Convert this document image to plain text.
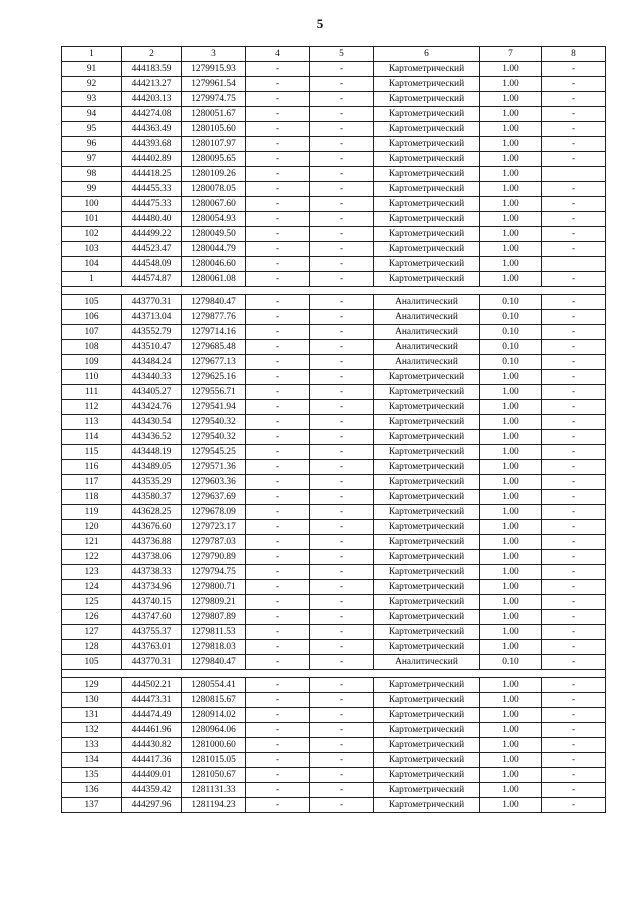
5
1	2	3	4	5	6	7	8
91	444183.59	1279915.93	-	-	Картометрический	1.00	-
92	444213.27	1279961.54	-	-	Картометрический	1.00	-
93	444203.13	1279974.75	-	-	Картометрический	1.00	-
94	444274.08	1280051.67	-	-	Картометрический	1.00	-
95	444363.49	1280105.60	-	-	Картометрический	1.00	-
96	444393.68	1280107.97	-	-	Картометрический	1.00	-
97	444402.89	1280095.65	-	-	Картометрический	1.00	-
98	444418.25	1280109.26	-	-	Картометрический	1.00	
99	444455.33	1280078.05	-	-	Картометрический	1.00	-
100	444475.33	1280067.60	-	-	Картометрический	1.00	-
101	444480.40	1280054.93	-	-	Картометрический	1.00	-
102	444499.22	1280049.50	-	-	Картометрический	1.00	-
103	444523.47	1280044.79	-	-	Картометрический	1.00	-
104	444548.09	1280046.60	-	-	Картометрический	1.00	
1	444574.87	1280061.08	-	-	Картометрический	1.00	-

105	443770.31	1279840.47	-	-	Аналитический	0.10	-
106	443713.04	1279877.76	-	-	Аналитический	0.10	-
107	443552.79	1279714.16	-	-	Аналитический	0.10	-
108	443510.47	1279685.48	-	-	Аналитический	0.10	-
109	443484.24	1279677.13	-	-	Аналитический	0.10	-
110	443440.33	1279625.16	-	-	Картометрический	1.00	-
111	443405.27	1279556.71	-	-	Картометрический	1.00	-
112	443424.76	1279541.94	-	-	Картометрический	1.00	-
113	443430.54	1279540.32	-	-	Картометрический	1.00	-
114	443436.52	1279540.32	-	-	Картометрический	1.00	-
115	443448.19	1279545.25	-	-	Картометрический	1.00	-
116	443489.05	1279571.36	-	-	Картометрический	1.00	-
117	443535.29	1279603.36	-	-	Картометрический	1.00	-
118	443580.37	1279637.69	-	-	Картометрический	1.00	-
119	443628.25	1279678.09	-	-	Картометрический	1.00	-
120	443676.60	1279723.17	-	-	Картометрический	1.00	-
121	443736.88	1279787.03	-	-	Картометрический	1.00	-
122	443738.06	1279790.89	-	-	Картометрический	1.00	-
123	443738.33	1279794.75	-	-	Картометрический	1.00	-
124	443734.96	1279800.71	-	-	Картометрический	1.00	-
125	443740.15	1279809.21	-	-	Картометрический	1.00	-
126	443747.60	1279807.89	-	-	Картометрический	1.00	-
127	443755.37	1279811.53	-	-	Картометрический	1.00	-
128	443763.01	1279818.03	-	-	Картометрический	1.00	-
105	443770.31	1279840.47	-	-	Аналитический	0.10	-

129	444502.21	1280554.41	-	-	Картометрический	1.00	-
130	444473.31	1280815.67	-	-	Картометрический	1.00	-
131	444474.49	1280914.02	-	-	Картометрический	1.00	-
132	444461.96	1280964.06	-	-	Картометрический	1.00	-
133	444430.82	1281000.60	-	-	Картометрический	1.00	-
134	444417.36	1281015.05	-	-	Картометрический	1.00	-
135	444409.01	1281050.67	-	-	Картометрический	1.00	-
136	444359.42	1281131.33	-	-	Картометрический	1.00	-
137	444297.96	1281194.23	-	-	Картометрический	1.00	-
